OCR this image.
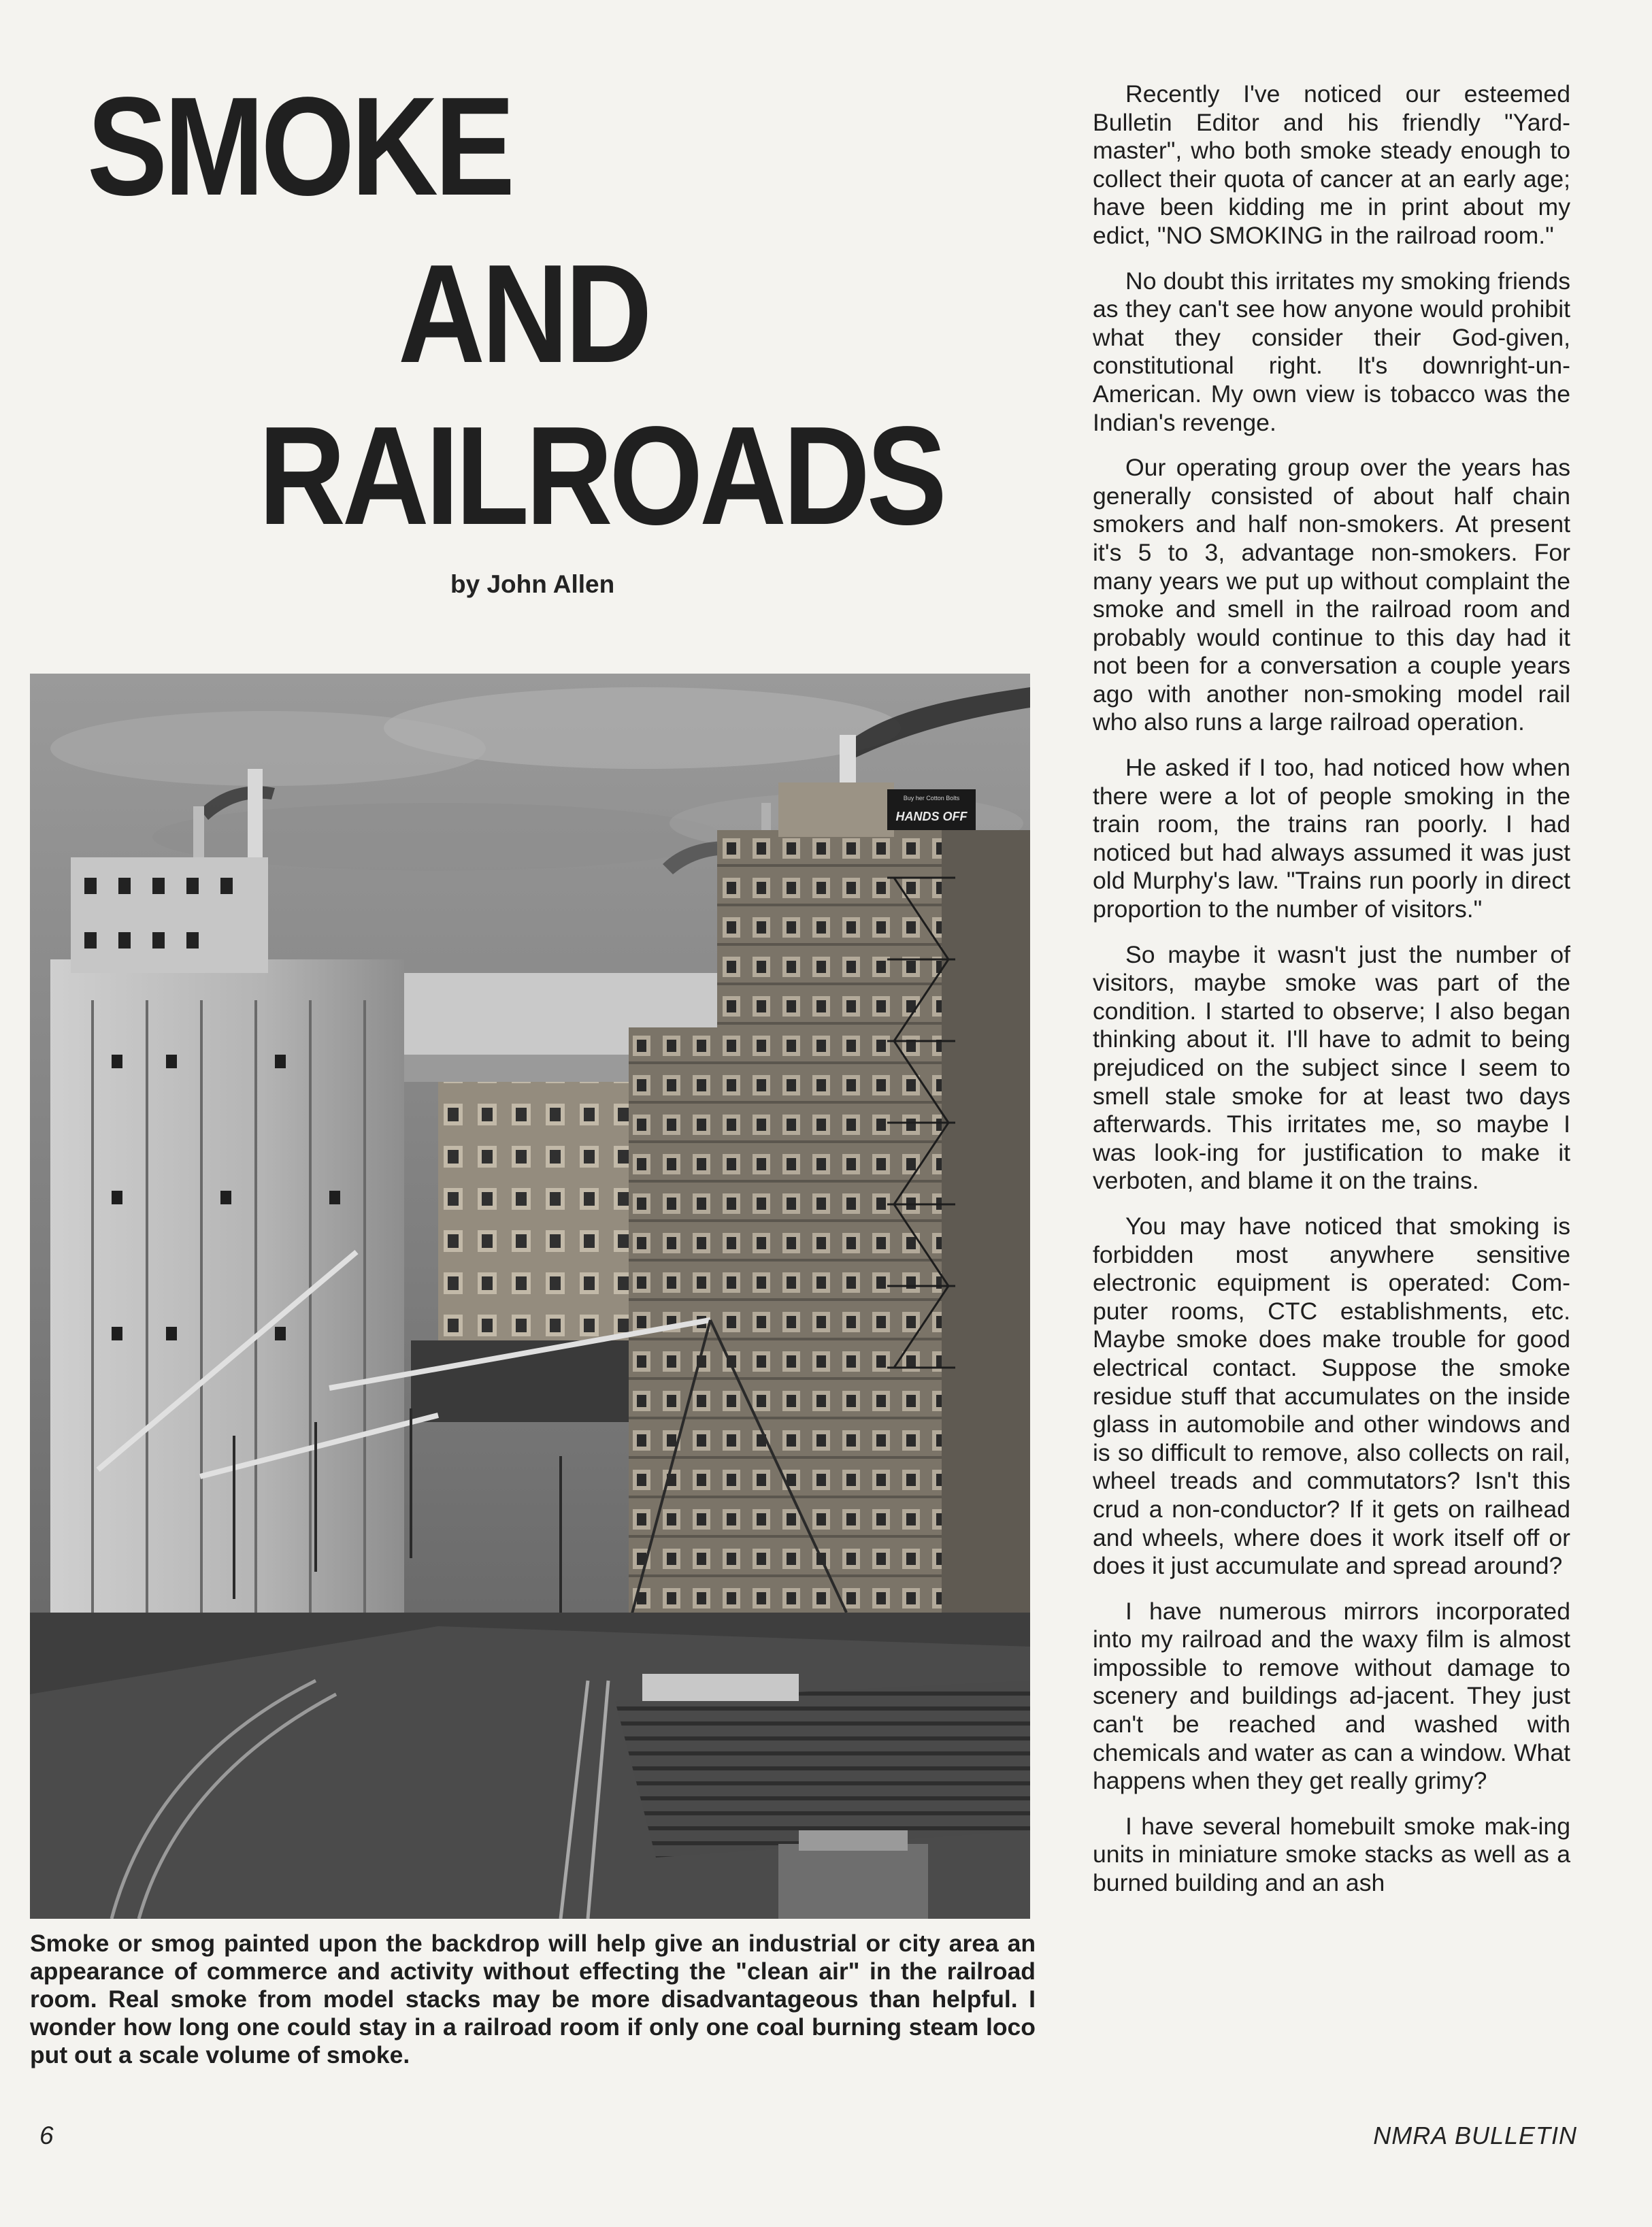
SMOKE
AND
RAILROADS
by John Allen
Buy her Cotton Bolts
HANDS OFF
Smoke or smog painted upon the backdrop will help give an industrial or city area an appearance of commerce and activity without effecting the "clean air" in the railroad room. Real smoke from model stacks may be more disadvantageous than helpful. I wonder how long one could stay in a railroad room if only one coal burning steam loco put out a scale volume of smoke.

Recently I've noticed our esteemed Bulletin Editor and his friendly "Yard-master", who both smoke steady enough to collect their quota of cancer at an early age; have been kidding me in print about my edict, "NO SMOKING in the railroad room."

No doubt this irritates my smoking friends as they can't see how anyone would prohibit what they consider their God-given, constitutional right. It's downright-un-American. My own view is tobacco was the Indian's revenge.

Our operating group over the years has generally consisted of about half chain smokers and half non-smokers. At present it's 5 to 3, advantage non-smokers. For many years we put up without complaint the smoke and smell in the railroad room and probably would continue to this day had it not been for a conversation a couple years ago with another non-smoking model rail who also runs a large railroad operation.

He asked if I too, had noticed how when there were a lot of people smoking in the train room, the trains ran poorly. I had noticed but had always assumed it was just old Murphy's law. "Trains run poorly in direct proportion to the number of visitors."

So maybe it wasn't just the number of visitors, maybe smoke was part of the condition. I started to observe; I also began thinking about it. I'll have to admit to being prejudiced on the subject since I seem to smell stale smoke for at least two days afterwards. This irritates me, so maybe I was look-ing for justification to make it verboten, and blame it on the trains.

You may have noticed that smoking is forbidden most anywhere sensitive electronic equipment is operated: Com-puter rooms, CTC establishments, etc. Maybe smoke does make trouble for good electrical contact. Suppose the smoke residue stuff that accumulates on the inside glass in automobile and other windows and is so difficult to remove, also collects on rail, wheel treads and commutators? Isn't this crud a non-conductor? If it gets on railhead and wheels, where does it work itself off or does it just accumulate and spread around?

I have numerous mirrors incorporated into my railroad and the waxy film is almost impossible to remove without damage to scenery and buildings ad-jacent. They just can't be reached and washed with chemicals and water as can a window. What happens when they get really grimy?

I have several homebuilt smoke mak-ing units in miniature smoke stacks as well as a burned building and an ash

6	NMRA BULLETIN
